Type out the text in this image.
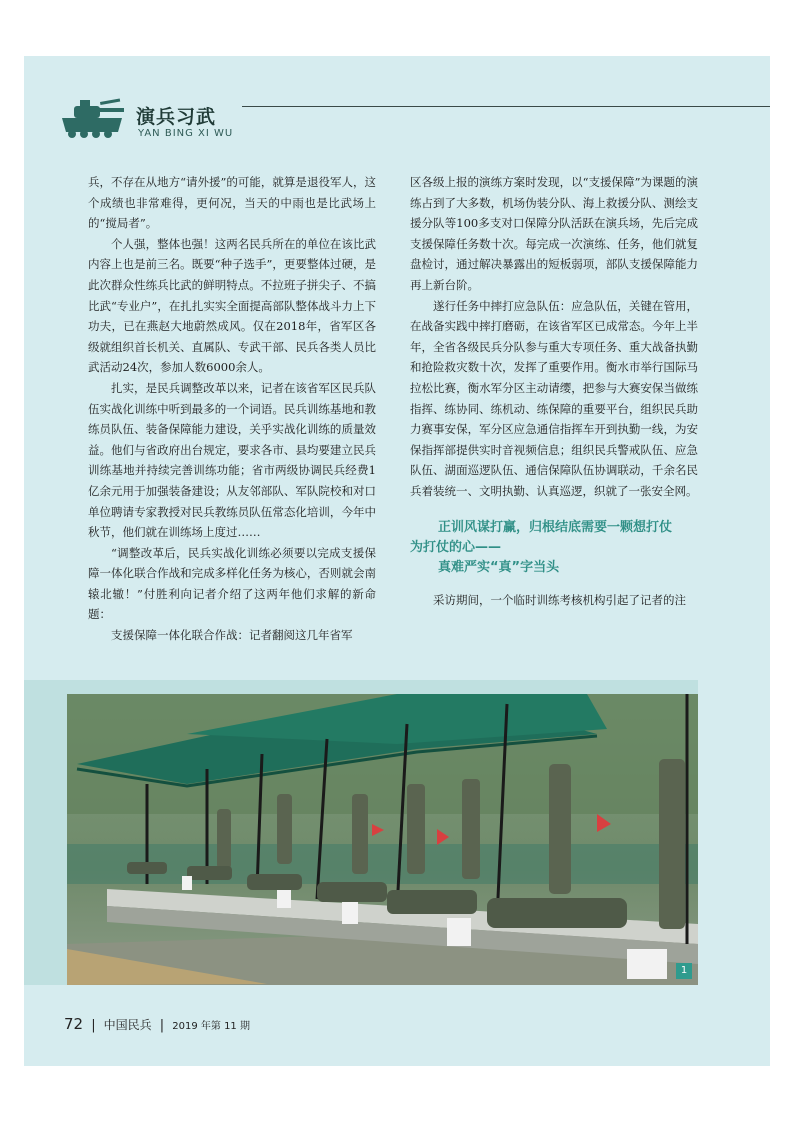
演兵习武
YAN BING XI WU

兵，不存在从地方“请外援”的可能，就算是退役军人，这个成绩也非常难得，更何况，当天的中雨也是比武场上的“搅局者”。

个人强，整体也强！这两名民兵所在的单位在该比武内容上也是前三名。既要“种子选手”，更要整体过硬，是此次群众性练兵比武的鲜明特点。不拉班子拼尖子、不搞比武“专业户”，在扎扎实实全面提高部队整体战斗力上下功夫，已在燕赵大地蔚然成风。仅在2018年，省军区各级就组织首长机关、直属队、专武干部、民兵各类人员比武活动24次，参加人数6000余人。

扎实，是民兵调整改革以来，记者在该省军区民兵队伍实战化训练中听到最多的一个词语。民兵训练基地和教练员队伍、装备保障能力建设，关乎实战化训练的质量效益。他们与省政府出台规定，要求各市、县均要建立民兵训练基地并持续完善训练功能；省市两级协调民兵经费1亿余元用于加强装备建设；从友邻部队、军队院校和对口单位聘请专家教授对民兵教练员队伍常态化培训，今年中秋节，他们就在训练场上度过……

“调整改革后，民兵实战化训练必须要以完成支援保障一体化联合作战和完成多样化任务为核心，否则就会南辕北辙！”付胜利向记者介绍了这两年他们求解的新命题：

支援保障一体化联合作战：记者翻阅这几年省军

区各级上报的演练方案时发现，以“支援保障”为课题的演练占到了大多数，机场伪装分队、海上救援分队、测绘支援分队等100多支对口保障分队活跃在演兵场，先后完成支援保障任务数十次。每完成一次演练、任务，他们就复盘检讨，通过解决暴露出的短板弱项，部队支援保障能力再上新台阶。

遂行任务中摔打应急队伍：应急队伍，关键在管用，在战备实践中摔打磨砺，在该省军区已成常态。今年上半年，全省各级民兵分队参与重大专项任务、重大战备执勤和抢险救灾数十次，发挥了重要作用。衡水市举行国际马拉松比赛，衡水军分区主动请缨，把参与大赛安保当做练指挥、练协同、练机动、练保障的重要平台，组织民兵助力赛事安保，军分区应急通信指挥车开到执勤一线，为安保指挥部提供实时音视频信息；组织民兵警戒队伍、应急队伍、湖面巡逻队伍、通信保障队伍协调联动，千余名民兵着装统一、文明执勤、认真巡逻，织就了一张安全网。

正训风谋打赢，归根结底需要一颗想打仗
为打仗的心——
真难严实“真”字当头

采访期间，一个临时训练考核机构引起了记者的注

1
72 | 中国民兵 | 2019 年第 11 期
